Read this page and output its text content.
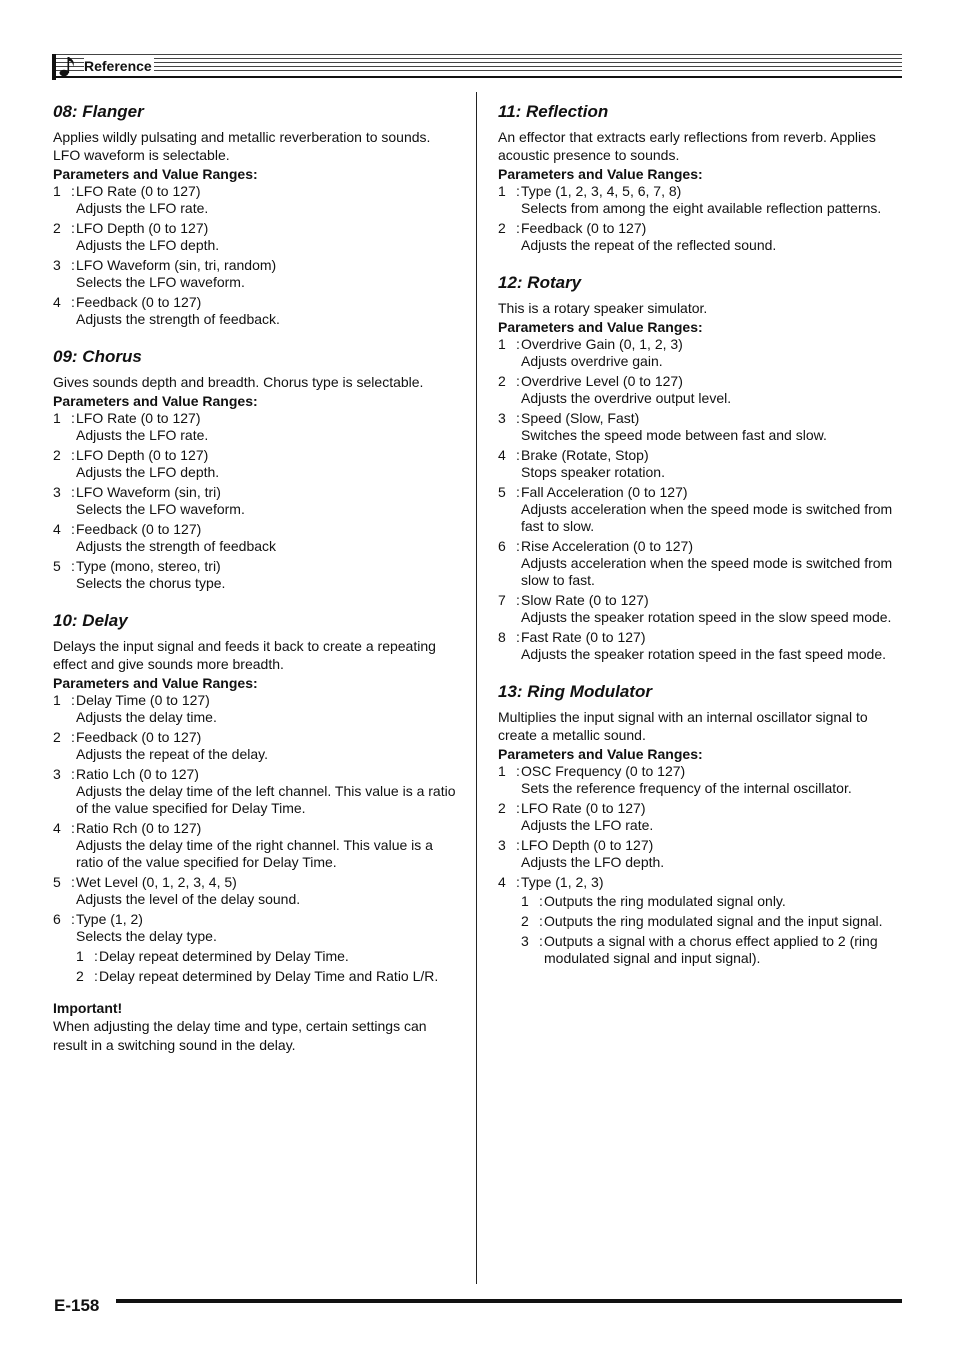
Reference
08: Flanger

Applies wildly pulsating and metallic reverberation to sounds. LFO waveform is selectable.

Parameters and Value Ranges:
1 : LFO Rate (0 to 127)
Adjusts the LFO rate.
2 : LFO Depth (0 to 127)
Adjusts the LFO depth.
3 : LFO Waveform (sin, tri, random)
Selects the LFO waveform.
4 : Feedback (0 to 127)
Adjusts the strength of feedback.
09: Chorus

Gives sounds depth and breadth. Chorus type is selectable.

Parameters and Value Ranges:
1 : LFO Rate (0 to 127)
Adjusts the LFO rate.
2 : LFO Depth (0 to 127)
Adjusts the LFO depth.
3 : LFO Waveform (sin, tri)
Selects the LFO waveform.
4 : Feedback (0 to 127)
Adjusts the strength of feedback
5 : Type (mono, stereo, tri)
Selects the chorus type.
10: Delay

Delays the input signal and feeds it back to create a repeating effect and give sounds more breadth.

Parameters and Value Ranges:
1 : Delay Time (0 to 127)
Adjusts the delay time.
2 : Feedback (0 to 127)
Adjusts the repeat of the delay.
3 : Ratio Lch (0 to 127)
Adjusts the delay time of the left channel. This value is a ratio of the value specified for Delay Time.
4 : Ratio Rch (0 to 127)
Adjusts the delay time of the right channel. This value is a ratio of the value specified for Delay Time.
5 : Wet Level (0, 1, 2, 3, 4, 5)
Adjusts the level of the delay sound.
6 : Type (1, 2)
Selects the delay type.
1 : Delay repeat determined by Delay Time.
2 : Delay repeat determined by Delay Time and Ratio L/R.
Important!
When adjusting the delay time and type, certain settings can result in a switching sound in the delay.
11: Reflection

An effector that extracts early reflections from reverb. Applies acoustic presence to sounds.

Parameters and Value Ranges:
1 : Type (1, 2, 3, 4, 5, 6, 7, 8)
Selects from among the eight available reflection patterns.
2 : Feedback (0 to 127)
Adjusts the repeat of the reflected sound.
12: Rotary

This is a rotary speaker simulator.

Parameters and Value Ranges:
1 : Overdrive Gain (0, 1, 2, 3)
Adjusts overdrive gain.
2 : Overdrive Level (0 to 127)
Adjusts the overdrive output level.
3 : Speed (Slow, Fast)
Switches the speed mode between fast and slow.
4 : Brake (Rotate, Stop)
Stops speaker rotation.
5 : Fall Acceleration (0 to 127)
Adjusts acceleration when the speed mode is switched from fast to slow.
6 : Rise Acceleration (0 to 127)
Adjusts acceleration when the speed mode is switched from slow to fast.
7 : Slow Rate (0 to 127)
Adjusts the speaker rotation speed in the slow speed mode.
8 : Fast Rate (0 to 127)
Adjusts the speaker rotation speed in the fast speed mode.
13: Ring Modulator

Multiplies the input signal with an internal oscillator signal to create a metallic sound.

Parameters and Value Ranges:
1 : OSC Frequency (0 to 127)
Sets the reference frequency of the internal oscillator.
2 : LFO Rate (0 to 127)
Adjusts the LFO rate.
3 : LFO Depth (0 to 127)
Adjusts the LFO depth.
4 : Type (1, 2, 3)
1 : Outputs the ring modulated signal only.
2 : Outputs the ring modulated signal and the input signal.
3 : Outputs a signal with a chorus effect applied to 2 (ring modulated signal and input signal).
E-158
